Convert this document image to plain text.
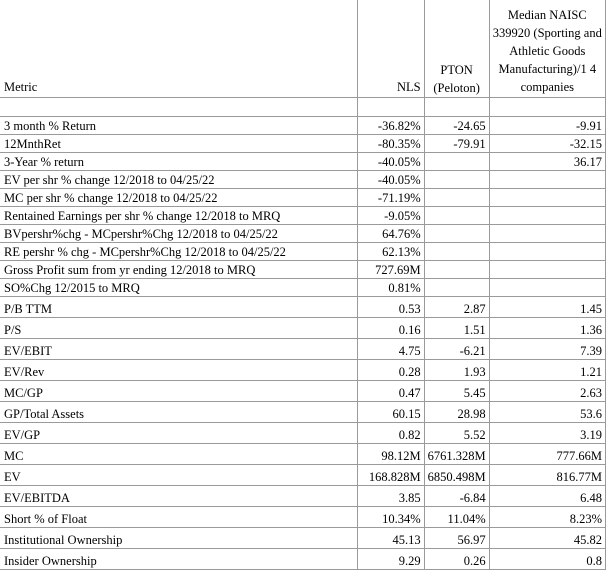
Metric	NLS	PTON (Peloton)	Median NAISC 339920 (Sporting and Athletic Goods Manufacturing)/1 4 companies

3 month % Return	-36.82%	-24.65	-9.91
12MnthRet	-80.35%	-79.91	-32.15
3-Year % return	-40.05%		36.17
EV per shr % change 12/2018 to 04/25/22	-40.05%		
MC per shr % change 12/2018 to 04/25/22	-71.19%		
Rentained Earnings per shr % change 12/2018 to MRQ	-9.05%		
BVpershr%chg - MCpershr%Chg 12/2018 to 04/25/22	64.76%		
RE pershr % chg - MCpershr%Chg 12/2018 to 04/25/22	62.13%		
Gross Profit sum from yr ending 12/2018 to MRQ	727.69M		
SO%Chg 12/2015 to MRQ	0.81%		
P/B TTM	0.53	2.87	1.45
P/S	0.16	1.51	1.36
EV/EBIT	4.75	-6.21	7.39
EV/Rev	0.28	1.93	1.21
MC/GP	0.47	5.45	2.63
GP/Total Assets	60.15	28.98	53.6
EV/GP	0.82	5.52	3.19
MC	98.12M	6761.328M	777.66M
EV	168.828M	6850.498M	816.77M
EV/EBITDA	3.85	-6.84	6.48
Short % of Float	10.34%	11.04%	8.23%
Institutional Ownership	45.13	56.97	45.82
Insider Ownership	9.29	0.26	0.8
